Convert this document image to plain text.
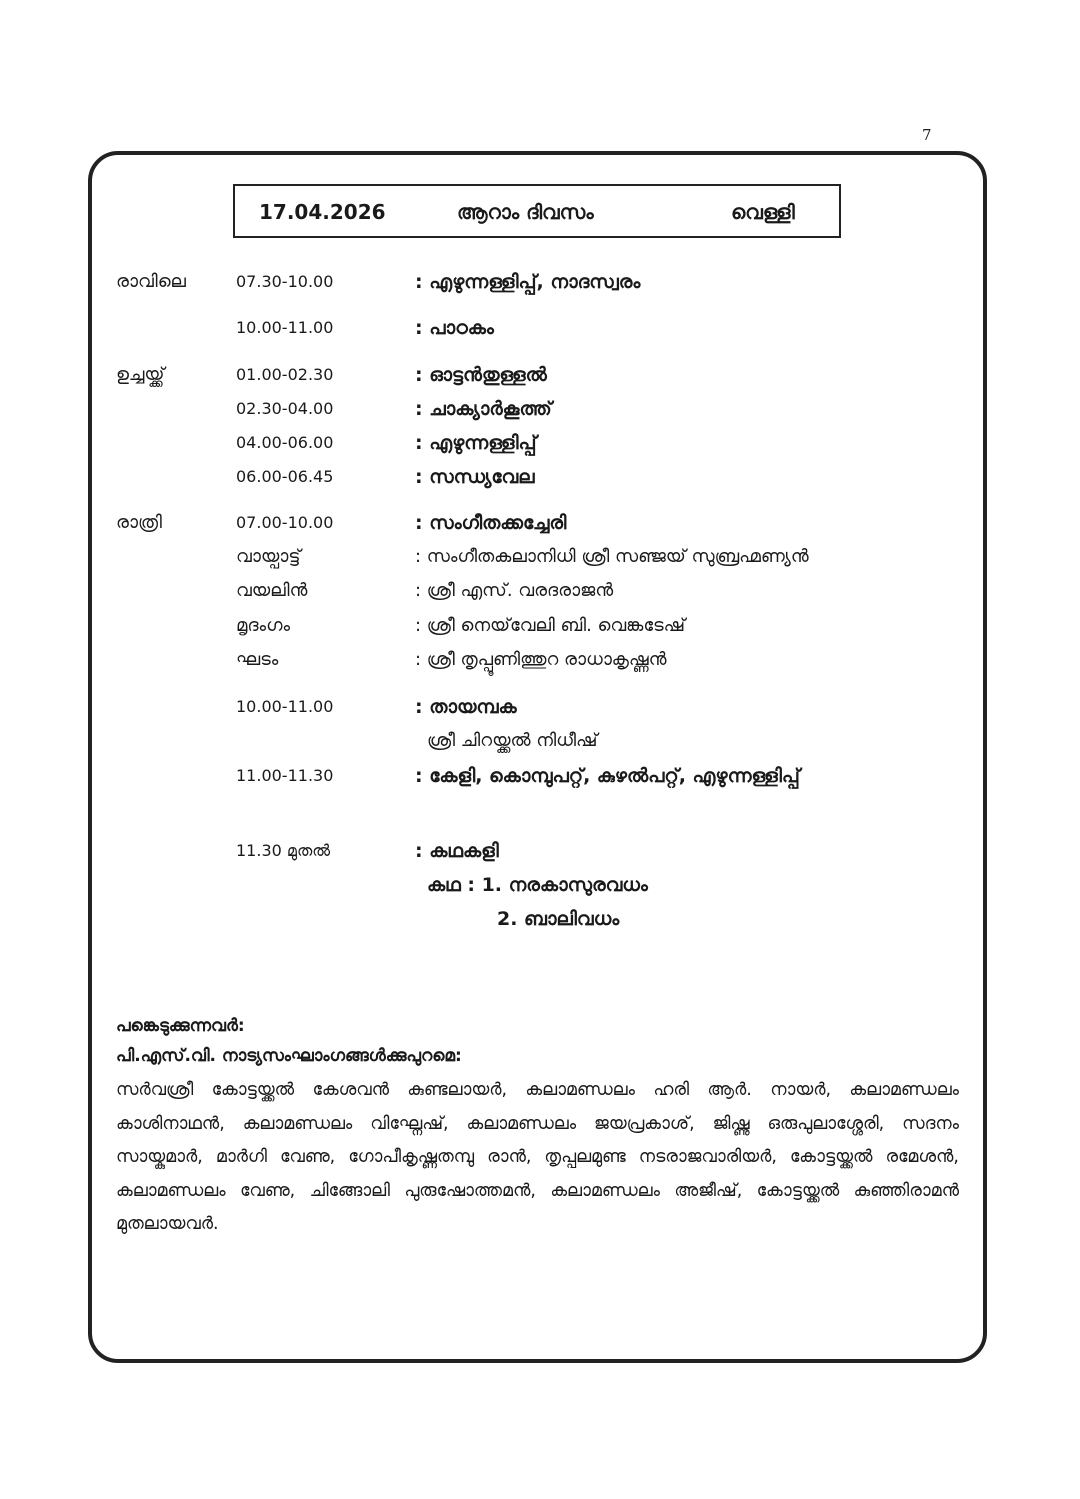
7
17.04.2026	ആറാം ദിവസം	വെള്ളി
രാവിലെ	07.30-10.00	: എഴുന്നള്ളിപ്പ്, നാദസ്വരം
10.00-11.00	: പാഠകം
ഉച്ചയ്ക്ക്	01.00-02.30	: ഓട്ടൻതുള്ളൽ
02.30-04.00	: ചാക്യാർകൂത്ത്
04.00-06.00	: എഴുന്നള്ളിപ്പ്
06.00-06.45	: സന്ധ്യവേല
രാത്രി	07.00-10.00	: സംഗീതക്കച്ചേരി
വായ്പാട്ട്	: സംഗീതകലാനിധി ശ്രീ സഞ്ജയ് സുബ്രഹ്മണ്യൻ
വയലിൻ	: ശ്രീ എസ്. വരദരാജൻ
മൃദംഗം	: ശ്രീ നെയ്‌വേലി ബി. വെങ്കടേഷ്
ഘടം	: ശ്രീ തൃപ്പൂണിത്തുറ രാധാകൃഷ്ണൻ
10.00-11.00	: തായമ്പക
ശ്രീ ചിറയ്ക്കൽ നിധീഷ്
11.00-11.30	: കേളി, കൊമ്പുപറ്റ്, കുഴൽപറ്റ്, എഴുന്നള്ളിപ്പ്
11.30 മുതൽ	: കഥകളി
കഥ : 1. നരകാസുരവധം
2. ബാലിവധം
പങ്കെടുക്കുന്നവർ:
പി.എസ്.വി. നാട്യസംഘാംഗങ്ങൾക്കുപുറമെ:
സർവശ്രീ കോട്ടയ്ക്കൽ കേശവൻ കുണ്ടലായർ, കലാമണ്ഡലം ഹരി ആർ. നായർ, കലാമണ്ഡലം കാശിനാഥൻ, കലാമണ്ഡലം വിഘ്നേഷ്, കലാമണ്ഡലം ജയപ്രകാശ്, ജിഷ്ണു ഒരുപുലാശ്ശേരി, സദനം സായ്കുമാർ, മാർഗി വേണു, ഗോപീകൃഷ്ണതമ്പു രാൻ, തൃപ്പലമുണ്ട നടരാജവാരിയർ, കോട്ടയ്ക്കൽ രമേശൻ, കലാമണ്ഡലം വേണു, ചിങ്ങോലി പുരുഷോത്തമൻ, കലാമണ്ഡലം അജീഷ്, കോട്ടയ്ക്കൽ കുഞ്ഞിരാമൻ മുതലായവർ.
